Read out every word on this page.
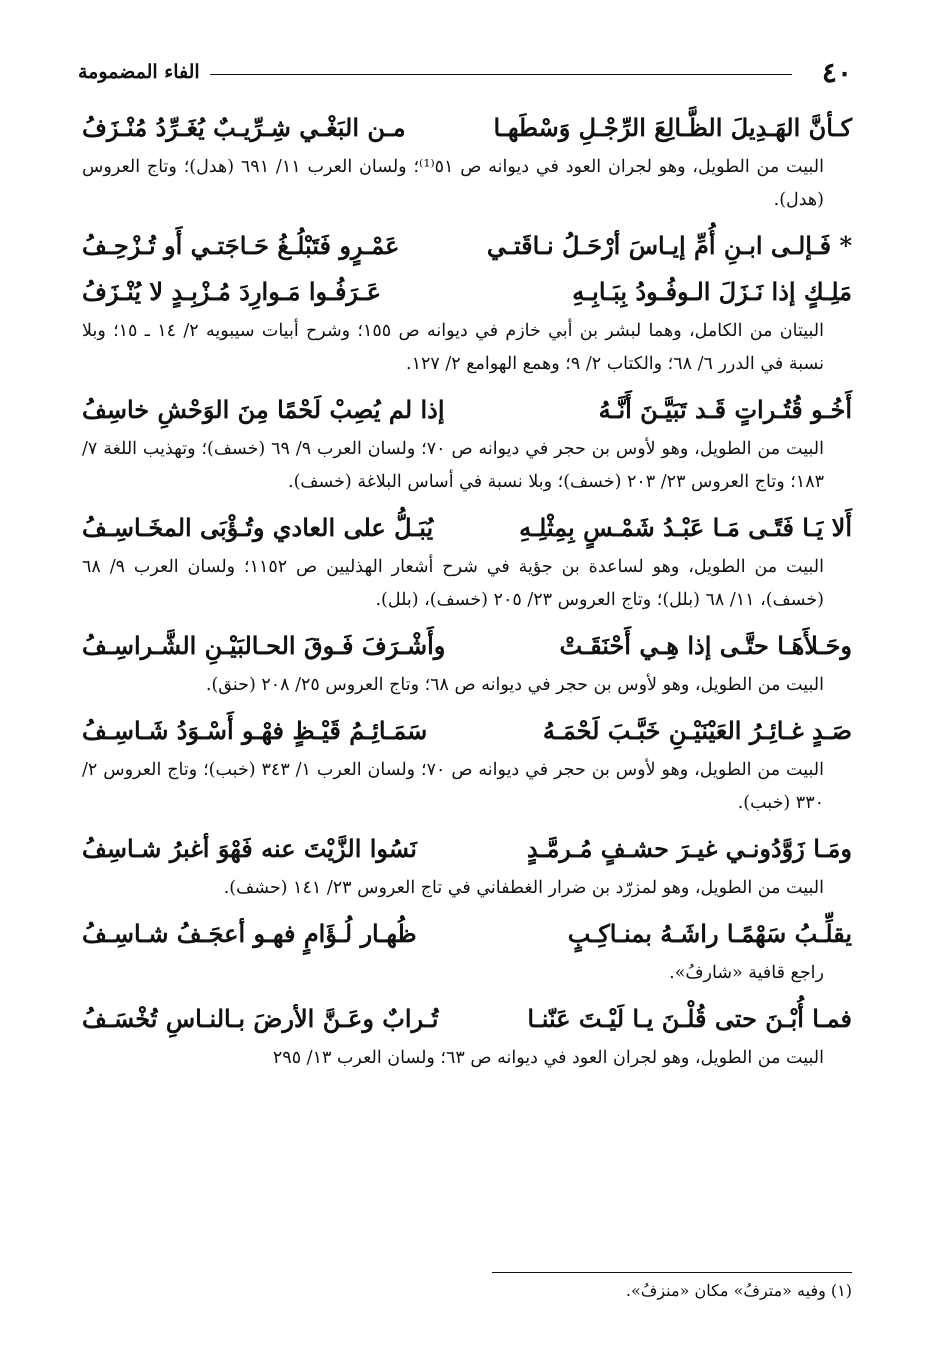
٤٠
الفاء المضمومة
كـأنَّ الهَـدِيلَ الظَّـالِعَ الرِّجْـلِ وَسْطَهـا
مـن البَغْـي شِـرِّيـبٌ يُغَـرِّدُ مُنْـزَفُ
البيت من الطويل، وهو لجران العود في ديوانه ص ٥١⁽¹⁾؛ ولسان العرب ١١/ ٦٩١ (هدل)؛ وتاج العروس (هدل).
* فَـإلـى ابـنِ أُمِّ إيـاسَ أرْحَـلُ نـاقَتـي
عَمْـرٍو فَتَبْلُـغُ حَـاجَتـي أَو تُـزْحِـفُ
مَلِـكٍ إذا نَـزَلَ الـوفُـودُ بِبَـابِـهِ
عَـرَفُـوا مَـوارِدَ مُـزْبِـدٍ لا يُنْـزَفُ
البيتان من الكامل، وهما لبشر بن أبي خازم في ديوانه ص ١٥٥؛ وشرح أبيات سيبويه ٢/ ١٤ ـ ١٥؛ وبلا نسبة في الدرر ٦/ ٦٨؛ والكتاب ٢/ ٩؛ وهمع الهوامع ٢/ ١٢٧.
أَخُـو قُتُـراتٍ قَـد تَبَيَّـنَ أَنَّـهُ
إذا لم يُصِبْ لَحْمًا مِنَ الوَحْشِ خاسِفُ
البيت من الطويل، وهو لأوس بن حجر في ديوانه ص ٧٠؛ ولسان العرب ٩/ ٦٩ (خسف)؛ وتهذيب اللغة ٧/ ١٨٣؛ وتاج العروس ٢٣/ ٢٠٣ (خسف)؛ وبلا نسبة في أساس البلاغة (خسف).
أَلا يَـا فَتًـى مَـا عَبْـدُ شَمْـسٍ بِمِثْلِـهِ
يُبَـلُّ على العادي وتُـؤْبَى المخَـاسِـفُ
البيت من الطويل، وهو لساعدة بن جؤية في شرح أشعار الهذليين ص ١١٥٢؛ ولسان العرب ٩/ ٦٨ (خسف)، ١١/ ٦٨ (بلل)؛ وتاج العروس ٢٣/ ٢٠٥ (خسف)، (بلل).
وحَـلأَهَـا حتَّـى إذا هِـي أَحْنَقَـتْ
وأَشْـرَفَ فَـوقَ الحـالبَيْـنِ الشَّـراسِـفُ
البيت من الطويل، وهو لأوس بن حجر في ديوانه ص ٦٨؛ وتاج العروس ٢٥/ ٢٠٨ (حنق).
صَـدٍ غـائِـرُ العَيْنَيْـنِ خَبَّـبَ لَحْمَـهُ
سَمَـائِـمُ قَيْـظٍ فهْـو أَسْـوَدُ شَـاسِـفُ
البيت من الطويل، وهو لأوس بن حجر في ديوانه ص ٧٠؛ ولسان العرب ١/ ٣٤٣ (خبب)؛ وتاج العروس ٢/ ٣٣٠ (خبب).
ومَـا زَوَّدُونـي غيـرَ حشـفٍ مُـرمَّـدٍ
نَسُوا الزَّيْتَ عنه فَهْوَ أغبرُ شـاسِفُ
البيت من الطويل، وهو لمزرّد بن ضرار الغطفاني في تاج العروس ٢٣/ ١٤١ (حشف).
يقلِّـبُ سَهْمًـا راشَـهُ بمنـاكِـبٍ
ظُهـار لُـؤَامٍ فهـو أعجَـفُ شـاسِـفُ
راجع قافية «شارفُ».
فمـا أُبْـنَ حتى قُلْـنَ يـا لَيْـتَ عَنّنـا
تُـرابٌ وعَـنَّ الأرضَ بـالنـاسِ تُخْسَـفُ
البيت من الطويل، وهو لجران العود في ديوانه ص ٦٣؛ ولسان العرب ١٣/ ٢٩٥
(١) وفيه «مترفُ» مكان «منزفُ».
